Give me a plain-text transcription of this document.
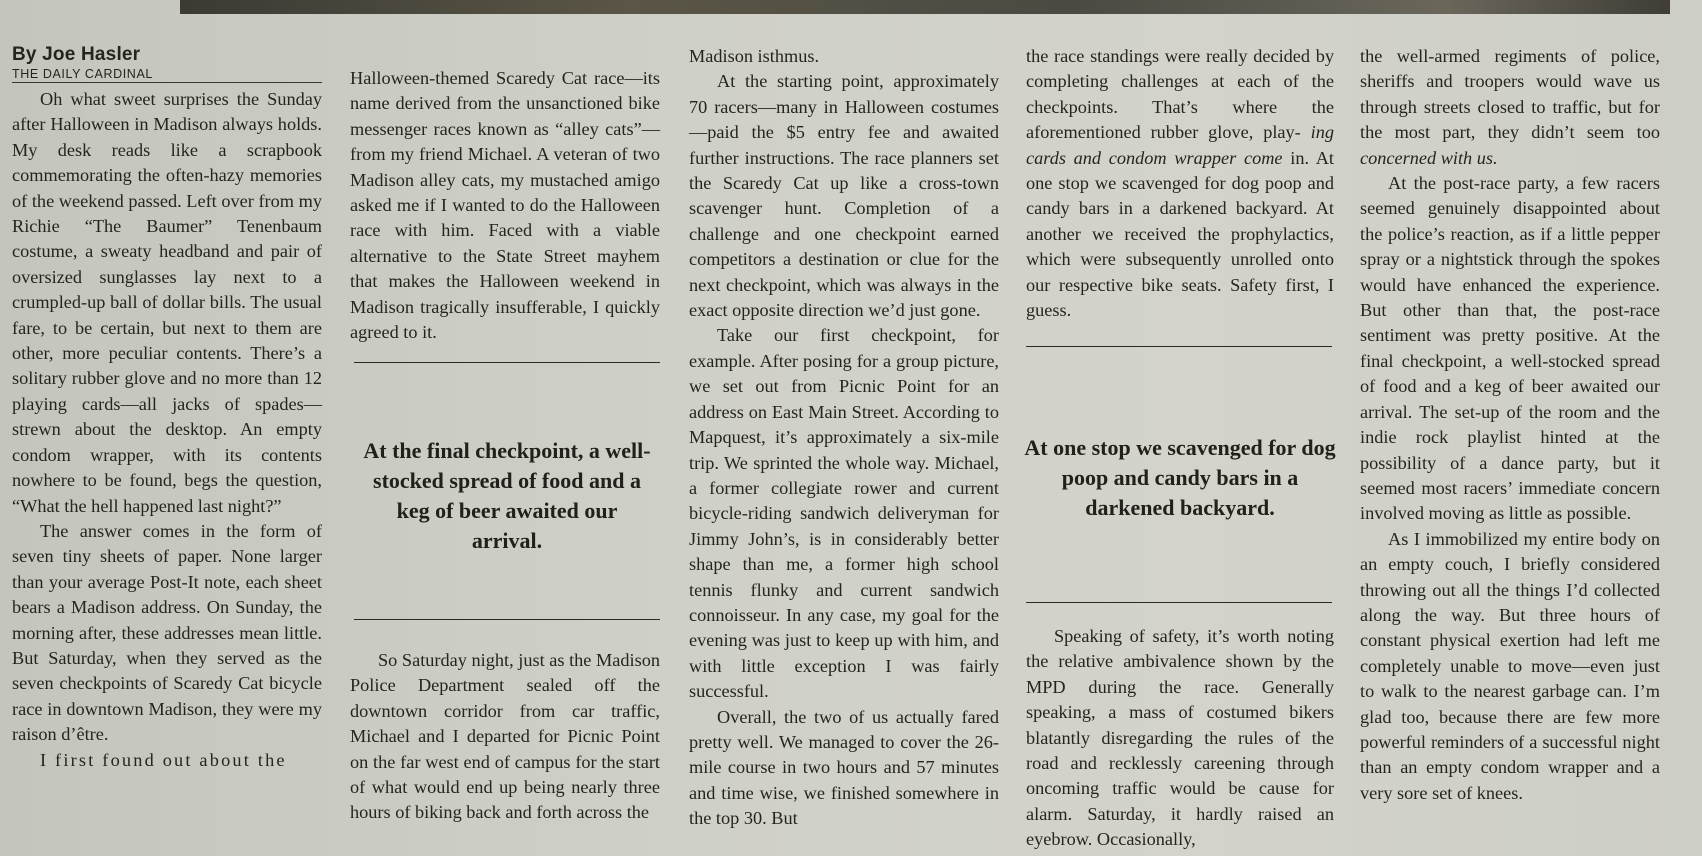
By Joe Hasler
THE DAILY CARDINAL

Oh what sweet surprises the Sunday after Halloween in Madison always holds. My desk reads like a scrapbook commemorating the often-hazy memories of the weekend passed. Left over from my Richie “The Baumer” Tenenbaum costume, a sweaty headband and pair of oversized sunglasses lay next to a crumpled-up ball of dollar bills. The usual fare, to be certain, but next to them are other, more peculiar contents. There’s a solitary rubber glove and no more than 12 playing cards—all jacks of spades—strewn about the desktop. An empty condom wrapper, with its contents nowhere to be found, begs the question, “What the hell happened last night?”

The answer comes in the form of seven tiny sheets of paper. None larger than your average Post-It note, each sheet bears a Madison address. On Sunday, the morning after, these addresses mean little. But Saturday, when they served as the seven checkpoints of Scaredy Cat bicycle race in downtown Madison, they were my raison d’être.

I first found out about the

Halloween-themed Scaredy Cat race—its name derived from the unsanctioned bike messenger races known as “alley cats”—from my friend Michael. A veteran of two Madison alley cats, my mustached amigo asked me if I wanted to do the Halloween race with him. Faced with a viable alternative to the State Street mayhem that makes the Halloween weekend in Madison tragically insufferable, I quickly agreed to it.

At the final checkpoint, a well-stocked spread of food and a keg of beer awaited our arrival.

So Saturday night, just as the Madison Police Department sealed off the downtown corridor from car traffic, Michael and I departed for Picnic Point on the far west end of campus for the start of what would end up being nearly three hours of biking back and forth across the

Madison isthmus.

At the starting point, approximately 70 racers—many in Halloween costumes—paid the $5 entry fee and awaited further instructions. The race planners set the Scaredy Cat up like a cross-town scavenger hunt. Completion of a challenge and one checkpoint earned competitors a destination or clue for the next checkpoint, which was always in the exact opposite direction we’d just gone.

Take our first checkpoint, for example. After posing for a group picture, we set out from Picnic Point for an address on East Main Street. According to Mapquest, it’s approximately a six-mile trip. We sprinted the whole way. Michael, a former collegiate rower and current bicycle-riding sandwich deliveryman for Jimmy John’s, is in considerably better shape than me, a former high school tennis flunky and current sandwich connoisseur. In any case, my goal for the evening was just to keep up with him, and with little exception I was fairly successful.

Overall, the two of us actually fared pretty well. We managed to cover the 26-mile course in two hours and 57 minutes and time wise, we finished somewhere in the top 30. But

the race standings were really decided by completing challenges at each of the checkpoints. That’s where the aforementioned rubber glove, play- ing cards and condom wrapper come in. At one stop we scavenged for dog poop and candy bars in a darkened backyard. At another we received the prophylactics, which were subsequently unrolled onto our respective bike seats. Safety first, I guess.

At one stop we scavenged for dog poop and candy bars in a darkened backyard.

Speaking of safety, it’s worth noting the relative ambivalence shown by the MPD during the race. Generally speaking, a mass of costumed bikers blatantly disregarding the rules of the road and recklessly careening through oncoming traffic would be cause for alarm. Saturday, it hardly raised an eyebrow. Occasionally,

the well-armed regiments of police, sheriffs and troopers would wave us through streets closed to traffic, but for the most part, they didn’t seem too concerned with us.

At the post-race party, a few racers seemed genuinely disappointed about the police’s reaction, as if a little pepper spray or a nightstick through the spokes would have enhanced the experience. But other than that, the post-race sentiment was pretty positive. At the final checkpoint, a well-stocked spread of food and a keg of beer awaited our arrival. The set-up of the room and the indie rock playlist hinted at the possibility of a dance party, but it seemed most racers’ immediate concern involved moving as little as possible.

As I immobilized my entire body on an empty couch, I briefly considered throwing out all the things I’d collected along the way. But three hours of constant physical exertion had left me completely unable to move—even just to walk to the nearest garbage can. I’m glad too, because there are few more powerful reminders of a successful night than an empty condom wrapper and a very sore set of knees.
